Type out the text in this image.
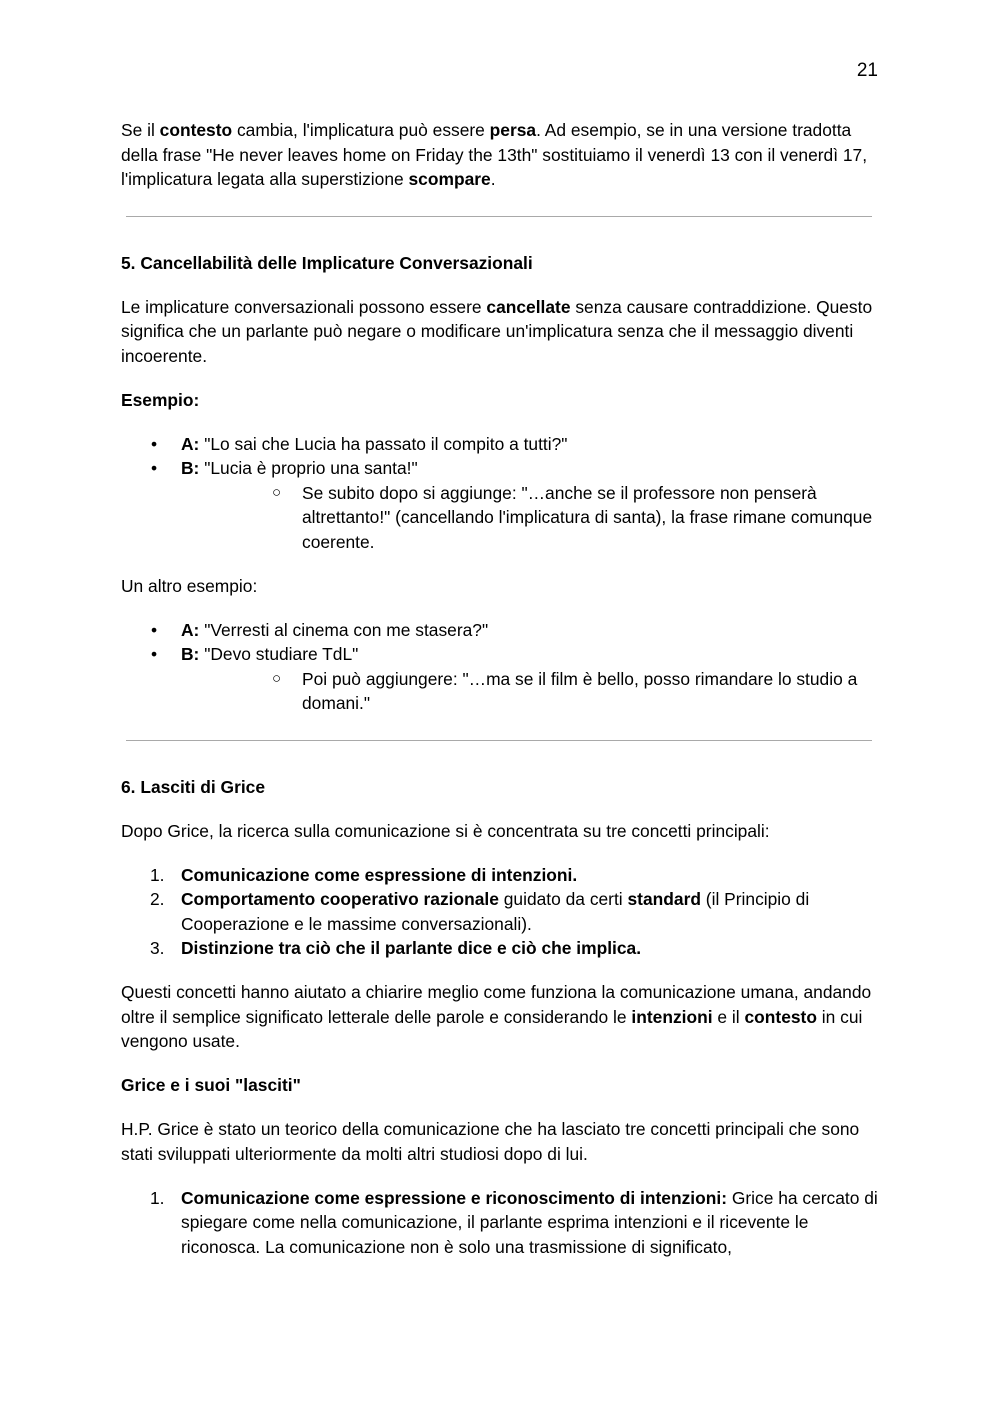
21

Se il contesto cambia, l'implicatura può essere persa. Ad esempio, se in una versione tradotta della frase "He never leaves home on Friday the 13th" sostituiamo il venerdì 13 con il venerdì 17, l'implicatura legata alla superstizione scompare.

5. Cancellabilità delle Implicature Conversazionali

Le implicature conversazionali possono essere cancellate senza causare contraddizione. Questo significa che un parlante può negare o modificare un'implicatura senza che il messaggio diventi incoerente.

Esempio:

• A: "Lo sai che Lucia ha passato il compito a tutti?"
• B: "Lucia è proprio una santa!"
○ Se subito dopo si aggiunge: "…anche se il professore non penserà altrettanto!" (cancellando l'implicatura di santa), la frase rimane comunque coerente.

Un altro esempio:

• A: "Verresti al cinema con me stasera?"
• B: "Devo studiare TdL"
○ Poi può aggiungere: "…ma se il film è bello, posso rimandare lo studio a domani."
6. Lasciti di Grice

Dopo Grice, la ricerca sulla comunicazione si è concentrata su tre concetti principali:

1. Comunicazione come espressione di intenzioni.
2. Comportamento cooperativo razionale guidato da certi standard (il Principio di Cooperazione e le massime conversazionali).
3. Distinzione tra ciò che il parlante dice e ciò che implica.

Questi concetti hanno aiutato a chiarire meglio come funziona la comunicazione umana, andando oltre il semplice significato letterale delle parole e considerando le intenzioni e il contesto in cui vengono usate.

Grice e i suoi "lasciti"

H.P. Grice è stato un teorico della comunicazione che ha lasciato tre concetti principali che sono stati sviluppati ulteriormente da molti altri studiosi dopo di lui.

1. Comunicazione come espressione e riconoscimento di intenzioni: Grice ha cercato di spiegare come nella comunicazione, il parlante esprima intenzioni e il ricevente le riconosca. La comunicazione non è solo una trasmissione di significato,
